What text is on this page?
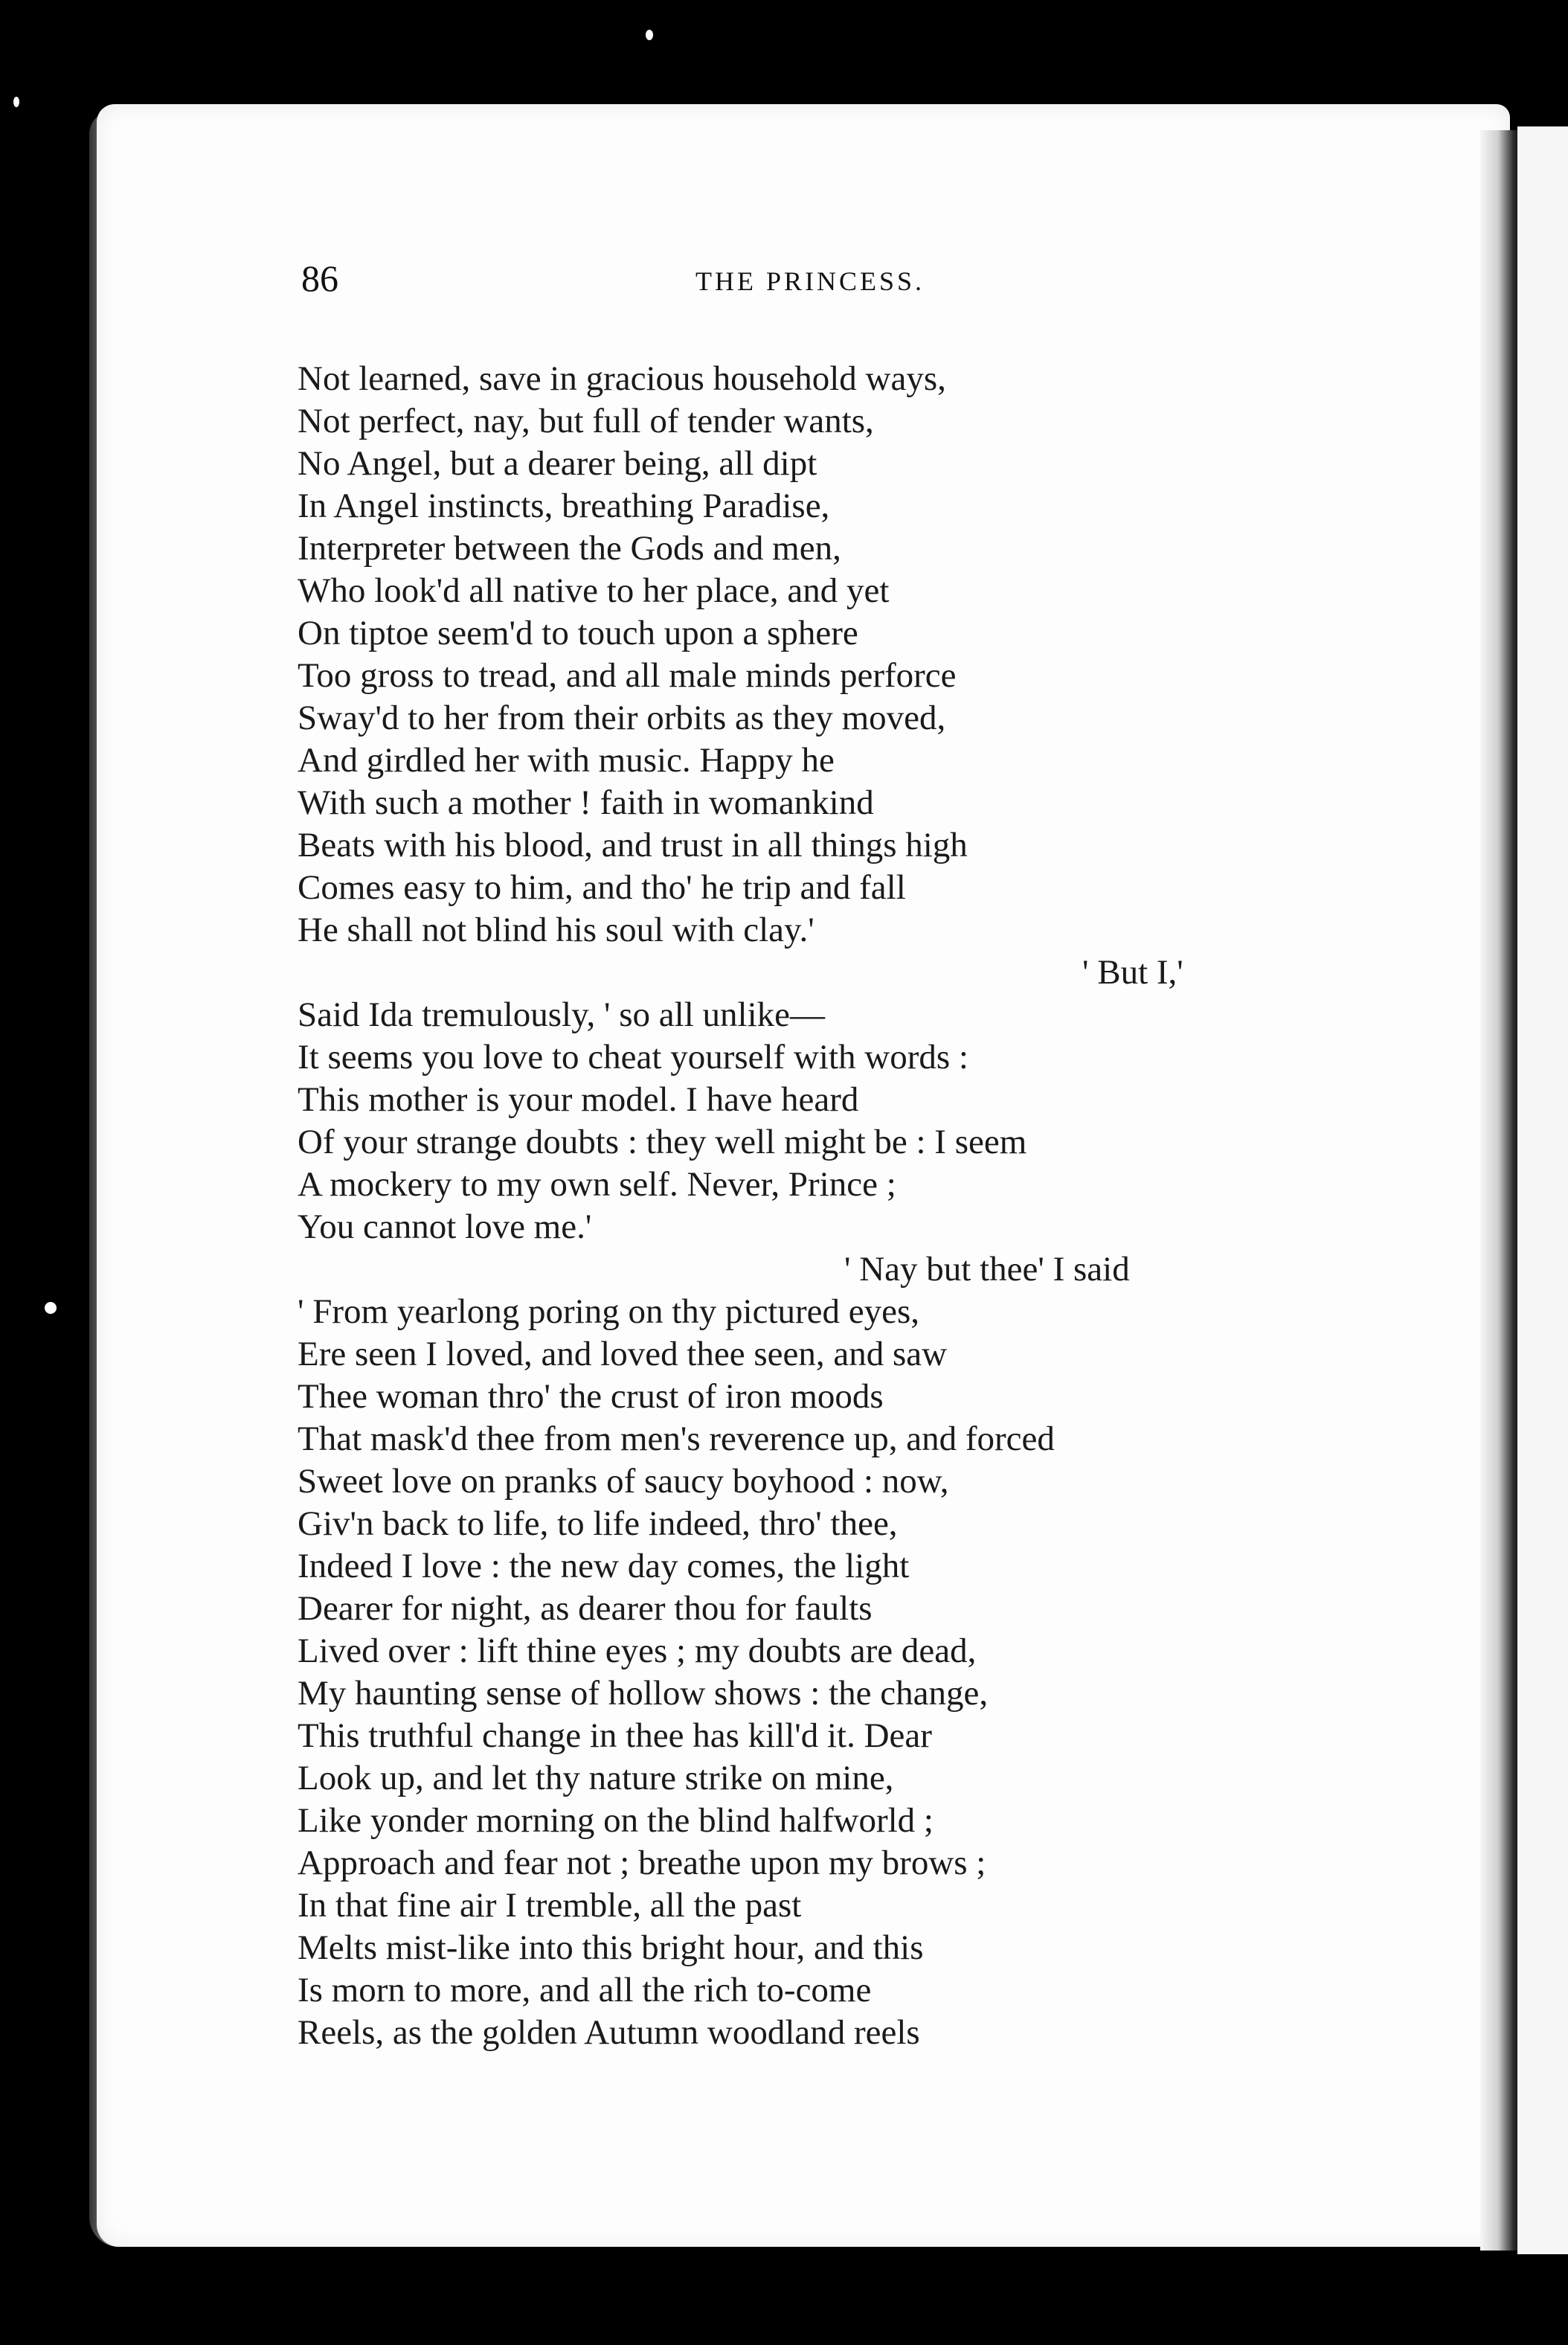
86	THE PRINCESS.
Not learned, save in gracious household ways,
Not perfect, nay, but full of tender wants,
No Angel, but a dearer being, all dipt
In Angel instincts, breathing Paradise,
Interpreter between the Gods and men,
Who look'd all native to her place, and yet
On tiptoe seem'd to touch upon a sphere
Too gross to tread, and all male minds perforce
Sway'd to her from their orbits as they moved,
And girdled her with music. Happy he
With such a mother ! faith in womankind
Beats with his blood, and trust in all things high
Comes easy to him, and tho' he trip and fall
He shall not blind his soul with clay.'
' But I,'
Said Ida tremulously, ' so all unlike—
It seems you love to cheat yourself with words :
This mother is your model. I have heard
Of your strange doubts : they well might be : I seem
A mockery to my own self. Never, Prince ;
You cannot love me.'
' Nay but thee' I said
' From yearlong poring on thy pictured eyes,
Ere seen I loved, and loved thee seen, and saw
Thee woman thro' the crust of iron moods
That mask'd thee from men's reverence up, and forced
Sweet love on pranks of saucy boyhood : now,
Giv'n back to life, to life indeed, thro' thee,
Indeed I love : the new day comes, the light
Dearer for night, as dearer thou for faults
Lived over : lift thine eyes ; my doubts are dead,
My haunting sense of hollow shows : the change,
This truthful change in thee has kill'd it. Dear
Look up, and let thy nature strike on mine,
Like yonder morning on the blind halfworld ;
Approach and fear not ; breathe upon my brows ;
In that fine air I tremble, all the past
Melts mist-like into this bright hour, and this
Is morn to more, and all the rich to-come
Reels, as the golden Autumn woodland reels
